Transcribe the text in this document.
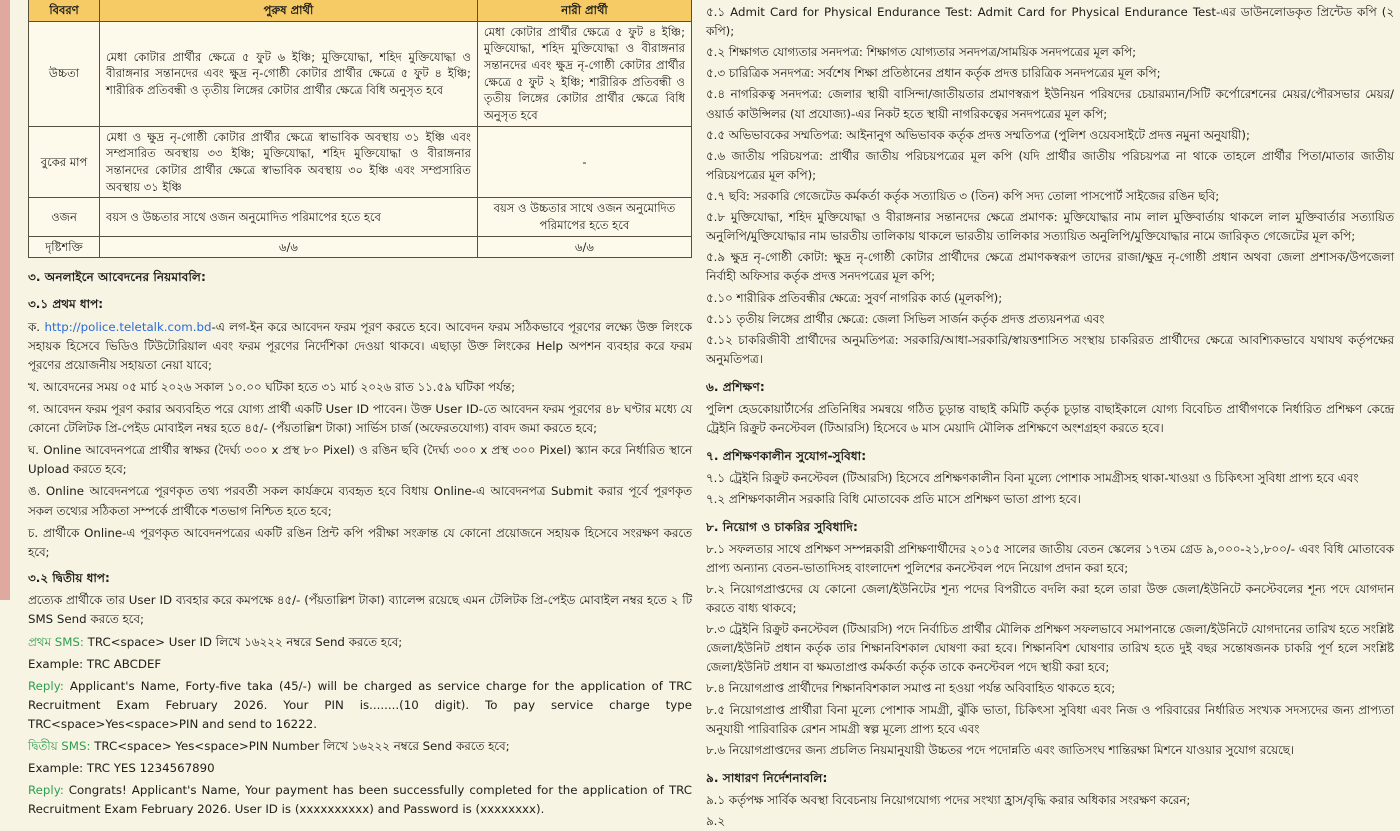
বিবরণ	পুরুষ প্রার্থী	নারী প্রার্থী
উচ্চতা	মেধা কোটার প্রার্থীর ক্ষেত্রে ৫ ফুট ৬ ইঞ্চি; মুক্তিযোদ্ধা, শহিদ মুক্তিযোদ্ধা ও বীরাঙ্গনার সন্তানদের এবং ক্ষুদ্র নৃ-গোষ্ঠী কোটার প্রার্থীর ক্ষেত্রে ৫ ফুট ৪ ইঞ্চি; শারীরিক প্রতিবন্ধী ও তৃতীয় লিঙ্গের কোটার প্রার্থীর ক্ষেত্রে বিধি অনুসৃত হবে	মেধা কোটার প্রার্থীর ক্ষেত্রে ৫ ফুট ৪ ইঞ্চি; মুক্তিযোদ্ধা, শহিদ মুক্তিযোদ্ধা ও বীরাঙ্গনার সন্তানদের এবং ক্ষুদ্র নৃ-গোষ্ঠী কোটার প্রার্থীর ক্ষেত্রে ৫ ফুট ২ ইঞ্চি; শারীরিক প্রতিবন্ধী ও তৃতীয় লিঙ্গের কোটার প্রার্থীর ক্ষেত্রে বিধি অনুসৃত হবে
বুকের মাপ	মেধা ও ক্ষুদ্র নৃ-গোষ্ঠী কোটার প্রার্থীর ক্ষেত্রে স্বাভাবিক অবস্থায় ৩১ ইঞ্চি এবং সম্প্রসারিত অবস্থায় ৩৩ ইঞ্চি; মুক্তিযোদ্ধা, শহিদ মুক্তিযোদ্ধা ও বীরাঙ্গনার সন্তানদের কোটার প্রার্থীর ক্ষেত্রে স্বাভাবিক অবস্থায় ৩০ ইঞ্চি এবং সম্প্রসারিত অবস্থায় ৩১ ইঞ্চি	-
ওজন	বয়স ও উচ্চতার সাথে ওজন অনুমোদিত পরিমাপের হতে হবে	বয়স ও উচ্চতার সাথে ওজন অনুমোদিত পরিমাপের হতে হবে
দৃষ্টিশক্তি	৬/৬	৬/৬
৩. অনলাইনে আবেদনের নিয়মাবলি:
৩.১ প্রথম ধাপ:
ক. http://police.teletalk.com.bd-এ লগ-ইন করে আবেদন ফরম পূরণ করতে হবে। আবেদন ফরম সঠিকভাবে পূরণের লক্ষ্যে উক্ত লিংকে সহায়ক হিসেবে ভিডিও টিউটোরিয়াল এবং ফরম পূরণের নির্দেশিকা দেওয়া থাকবে। এছাড়া উক্ত লিংকের Help অপশন ব্যবহার করে ফরম পূরণের প্রয়োজনীয় সহায়তা নেয়া যাবে;
খ. আবেদনের সময় ০৫ মার্চ ২০২৬ সকাল ১০.০০ ঘটিকা হতে ৩১ মার্চ ২০২৬ রাত ১১.৫৯ ঘটিকা পর্যন্ত;
গ. আবেদন ফরম পূরণ করার অব্যবহিত পরে যোগ্য প্রার্থী একটি User ID পাবেন। উক্ত User ID-তে আবেদন ফরম পূরণের ৪৮ ঘণ্টার মধ্যে যে কোনো টেলিটক প্রি-পেইড মোবাইল নম্বর হতে ৪৫/- (পঁয়তাল্লিশ টাকা) সার্ভিস চার্জ (অফেরতযোগ্য) বাবদ জমা করতে হবে;
ঘ. Online আবেদনপত্রে প্রার্থীর স্বাক্ষর (দৈর্ঘ্য ৩০০ x প্রস্থ ৮০ Pixel) ও রঙিন ছবি (দৈর্ঘ্য ৩০০ x প্রস্থ ৩০০ Pixel) স্ক্যান করে নির্ধারিত স্থানে Upload করতে হবে;
ঙ. Online আবেদনপত্রে পূরণকৃত তথ্য পরবর্তী সকল কার্যক্রমে ব্যবহৃত হবে বিধায় Online-এ আবেদনপত্র Submit করার পূর্বে পূরণকৃত সকল তথ্যের সঠিকতা সম্পর্কে প্রার্থীকে শতভাগ নিশ্চিত হতে হবে;
চ. প্রার্থীকে Online-এ পূরণকৃত আবেদনপত্রের একটি রঙিন প্রিন্ট কপি পরীক্ষা সংক্রান্ত যে কোনো প্রয়োজনে সহায়ক হিসেবে সংরক্ষণ করতে হবে;
৩.২ দ্বিতীয় ধাপ:
প্রত্যেক প্রার্থীকে তার User ID ব্যবহার করে কমপক্ষে ৪৫/- (পঁয়তাল্লিশ টাকা) ব্যালেন্স রয়েছে এমন টেলিটক প্রি-পেইড মোবাইল নম্বর হতে ২ টি SMS Send করতে হবে;
প্রথম SMS: TRC<space> User ID লিখে ১৬২২২ নম্বরে Send করতে হবে;
Example: TRC ABCDEF
Reply: Applicant's Name, Forty-five taka (45/-) will be charged as service charge for the application of TRC Recruitment Exam February 2026. Your PIN is........(10 digit). To pay service charge type TRC<space>Yes<space>PIN and send to 16222.
দ্বিতীয় SMS: TRC<space> Yes<space>PIN Number লিখে ১৬২২২ নম্বরে Send করতে হবে;
Example: TRC YES 1234567890
Reply: Congrats! Applicant's Name, Your payment has been successfully completed for the application of TRC Recruitment Exam February 2026. User ID is (xxxxxxxxxx) and Password is (xxxxxxxx).
৫.১ Admit Card for Physical Endurance Test: Admit Card for Physical Endurance Test-এর ডাউনলোডকৃত প্রিন্টেড কপি (২ কপি);
৫.২ শিক্ষাগত যোগ্যতার সনদপত্র: শিক্ষাগত যোগ্যতার সনদপত্র/সাময়িক সনদপত্রের মূল কপি;
৫.৩ চারিত্রিক সনদপত্র: সর্বশেষ শিক্ষা প্রতিষ্ঠানের প্রধান কর্তৃক প্রদত্ত চারিত্রিক সনদপত্রের মূল কপি;
৫.৪ নাগরিকত্ব সনদপত্র: জেলার স্থায়ী বাসিন্দা/জাতীয়তার প্রমাণস্বরূপ ইউনিয়ন পরিষদের চেয়ারম্যান/সিটি কর্পোরেশনের মেয়র/পৌরসভার মেয়র/ওয়ার্ড কাউন্সিলর (যা প্রযোজ্য)-এর নিকট হতে স্থায়ী নাগরিকত্বের সনদপত্রের মূল কপি;
৫.৫ অভিভাবকের সম্মতিপত্র: আইনানুগ অভিভাবক কর্তৃক প্রদত্ত সম্মতিপত্র (পুলিশ ওয়েবসাইটে প্রদত্ত নমুনা অনুযায়ী);
৫.৬ জাতীয় পরিচয়পত্র: প্রার্থীর জাতীয় পরিচয়পত্রের মূল কপি (যদি প্রার্থীর জাতীয় পরিচয়পত্র না থাকে তাহলে প্রার্থীর পিতা/মাতার জাতীয় পরিচয়পত্রের মূল কপি);
৫.৭ ছবি: সরকারি গেজেটেড কর্মকর্তা কর্তৃক সত্যায়িত ৩ (তিন) কপি সদ্য তোলা পাসপোর্ট সাইজের রঙিন ছবি;
৫.৮ মুক্তিযোদ্ধা, শহিদ মুক্তিযোদ্ধা ও বীরাঙ্গনার সন্তানদের ক্ষেত্রে প্রমাণক: মুক্তিযোদ্ধার নাম লাল মুক্তিবার্তায় থাকলে লাল মুক্তিবার্তার সত্যায়িত অনুলিপি/মুক্তিযোদ্ধার নাম ভারতীয় তালিকায় থাকলে ভারতীয় তালিকার সত্যায়িত অনুলিপি/মুক্তিযোদ্ধার নামে জারিকৃত গেজেটের মূল কপি;
৫.৯ ক্ষুদ্র নৃ-গোষ্ঠী কোটা: ক্ষুদ্র নৃ-গোষ্ঠী কোটার প্রার্থীদের ক্ষেত্রে প্রমাণকস্বরূপ তাদের রাজা/ক্ষুদ্র নৃ-গোষ্ঠী প্রধান অথবা জেলা প্রশাসক/উপজেলা নির্বাহী অফিসার কর্তৃক প্রদত্ত সনদপত্রের মূল কপি;
৫.১০ শারীরিক প্রতিবন্ধীর ক্ষেত্রে: সুবর্ণ নাগরিক কার্ড (মূলকপি);
৫.১১ তৃতীয় লিঙ্গের প্রার্থীর ক্ষেত্রে: জেলা সিভিল সার্জন কর্তৃক প্রদত্ত প্রত্যয়নপত্র এবং
৫.১২ চাকরিজীবী প্রার্থীদের অনুমতিপত্র: সরকারি/আধা-সরকারি/স্বায়ত্তশাসিত সংস্থায় চাকরিরত প্রার্থীদের ক্ষেত্রে আবশ্যিকভাবে যথাযথ কর্তৃপক্ষের অনুমতিপত্র।
৬. প্রশিক্ষণ:
পুলিশ হেডকোয়ার্টার্সের প্রতিনিধির সমন্বয়ে গঠিত চূড়ান্ত বাছাই কমিটি কর্তৃক চূড়ান্ত বাছাইকালে যোগ্য বিবেচিত প্রার্থীগণকে নির্ধারিত প্রশিক্ষণ কেন্দ্রে ট্রেইনি রিক্রুট কনস্টেবল (টিআরসি) হিসেবে ৬ মাস মেয়াদি মৌলিক প্রশিক্ষণে অংশগ্রহণ করতে হবে।
৭. প্রশিক্ষণকালীন সুযোগ-সুবিধা:
৭.১ ট্রেইনি রিক্রুট কনস্টেবল (টিআরসি) হিসেবে প্রশিক্ষণকালীন বিনা মূল্যে পোশাক সামগ্রীসহ থাকা-খাওয়া ও চিকিৎসা সুবিধা প্রাপ্য হবে এবং
৭.২ প্রশিক্ষণকালীন সরকারি বিধি মোতাবেক প্রতি মাসে প্রশিক্ষণ ভাতা প্রাপ্য হবে।
৮. নিয়োগ ও চাকরির সুবিধাদি:
৮.১ সফলতার সাথে প্রশিক্ষণ সম্পন্নকারী প্রশিক্ষণার্থীদের ২০১৫ সালের জাতীয় বেতন স্কেলের ১৭তম গ্রেড ৯,০০০-২১,৮০০/- এবং বিধি মোতাবেক প্রাপ্য অন্যান্য বেতন-ভাতাদিসহ বাংলাদেশ পুলিশের কনস্টেবল পদে নিয়োগ প্রদান করা হবে;
৮.২ নিয়োগপ্রাপ্তদের যে কোনো জেলা/ইউনিটের শূন্য পদের বিপরীতে বদলি করা হলে তারা উক্ত জেলা/ইউনিটে কনস্টেবলের শূন্য পদে যোগদান করতে বাধ্য থাকবে;
৮.৩ ট্রেইনি রিক্রুট কনস্টেবল (টিআরসি) পদে নির্বাচিত প্রার্থীর মৌলিক প্রশিক্ষণ সফলভাবে সমাপনান্তে জেলা/ইউনিটে যোগদানের তারিখ হতে সংশ্লিষ্ট জেলা/ইউনিট প্রধান কর্তৃক তার শিক্ষানবিশকাল ঘোষণা করা হবে। শিক্ষানবিশ ঘোষণার তারিখ হতে দুই বছর সন্তোষজনক চাকরি পূর্ণ হলে সংশ্লিষ্ট জেলা/ইউনিট প্রধান বা ক্ষমতাপ্রাপ্ত কর্মকর্তা কর্তৃক তাকে কনস্টেবল পদে স্থায়ী করা হবে;
৮.৪ নিয়োগপ্রাপ্ত প্রার্থীদের শিক্ষানবিশকাল সমাপ্ত না হওয়া পর্যন্ত অবিবাহিত থাকতে হবে;
৮.৫ নিয়োগপ্রাপ্ত প্রার্থীরা বিনা মূল্যে পোশাক সামগ্রী, ঝুঁকি ভাতা, চিকিৎসা সুবিধা এবং নিজ ও পরিবারের নির্ধারিত সংখ্যক সদস্যদের জন্য প্রাপ্যতা অনুযায়ী পারিবারিক রেশন সামগ্রী স্বল্প মূল্যে প্রাপ্য হবে এবং
৮.৬ নিয়োগপ্রাপ্তদের জন্য প্রচলিত নিয়মানুযায়ী উচ্চতর পদে পদোন্নতি এবং জাতিসংঘ শান্তিরক্ষা মিশনে যাওয়ার সুযোগ রয়েছে।
৯. সাধারণ নির্দেশনাবলি:
৯.১ কর্তৃপক্ষ সার্বিক অবস্থা বিবেচনায় নিয়োগযোগ্য পদের সংখ্যা হ্রাস/বৃদ্ধি করার অধিকার সংরক্ষণ করেন;
৯.২
